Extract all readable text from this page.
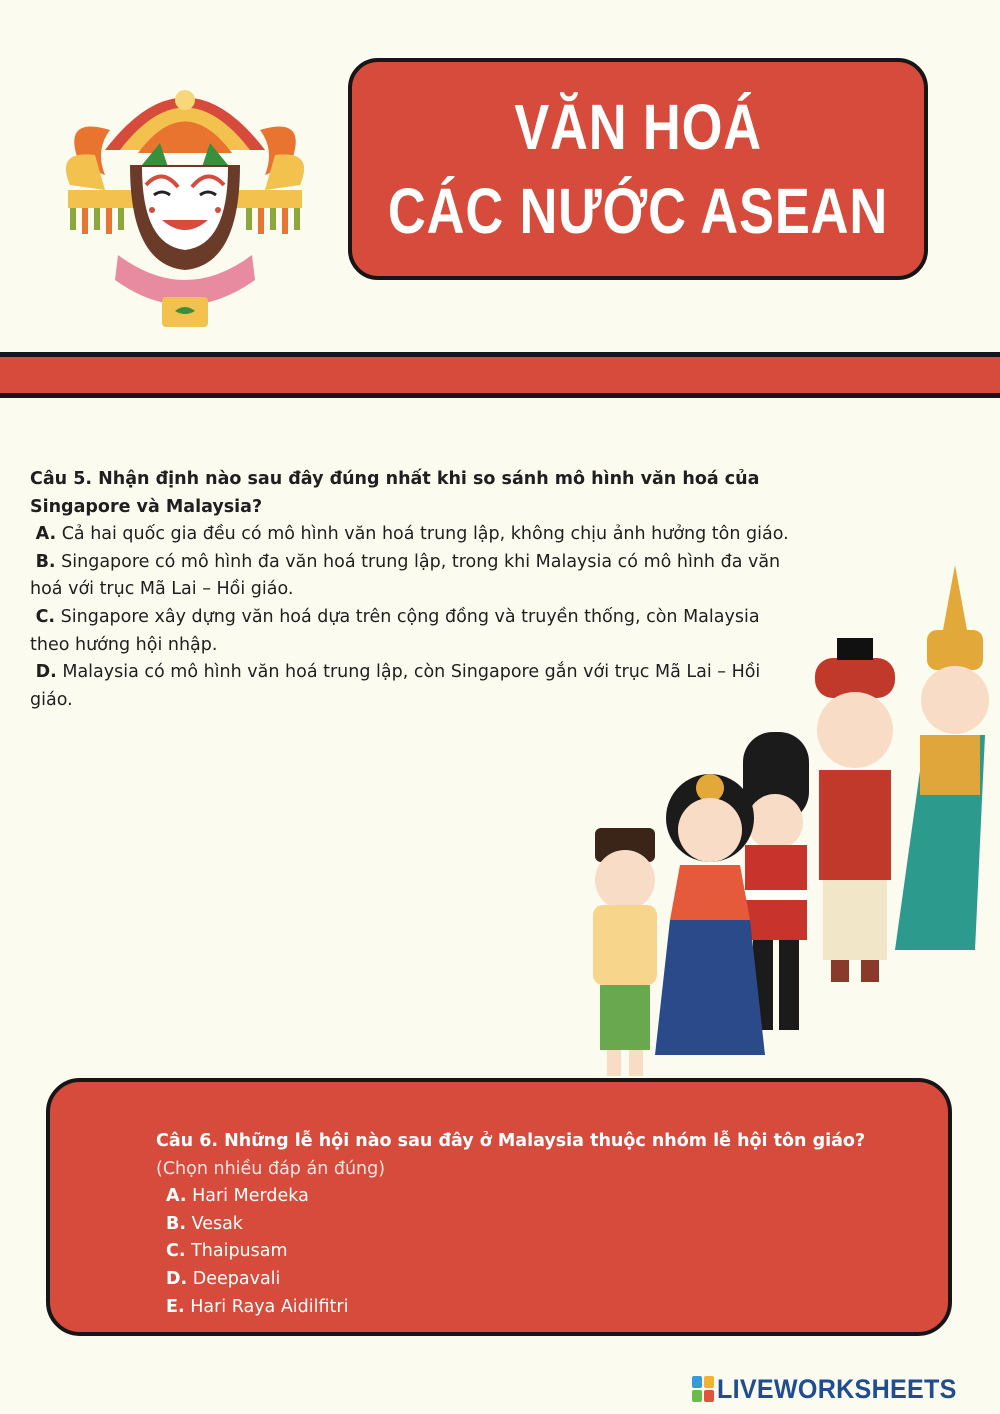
VĂN HOÁ
CÁC NƯỚC ASEAN
Câu 5. Nhận định nào sau đây đúng nhất khi so sánh mô hình văn hoá của
Singapore và Malaysia?
A. Cả hai quốc gia đều có mô hình văn hoá trung lập, không chịu ảnh hưởng tôn giáo.
B. Singapore có mô hình đa văn hoá trung lập, trong khi Malaysia có mô hình đa văn
hoá với trục Mã Lai – Hồi giáo.
C. Singapore xây dựng văn hoá dựa trên cộng đồng và truyền thống, còn Malaysia
theo hướng hội nhập.
D. Malaysia có mô hình văn hoá trung lập, còn Singapore gắn với trục Mã Lai – Hồi
giáo.
Câu 6. Những lễ hội nào sau đây ở Malaysia thuộc nhóm lễ hội tôn giáo?
(Chọn nhiều đáp án đúng)
A. Hari Merdeka
B. Vesak
C. Thaipusam
D. Deepavali
E. Hari Raya Aidilfitri
LIVEWORKSHEETS
